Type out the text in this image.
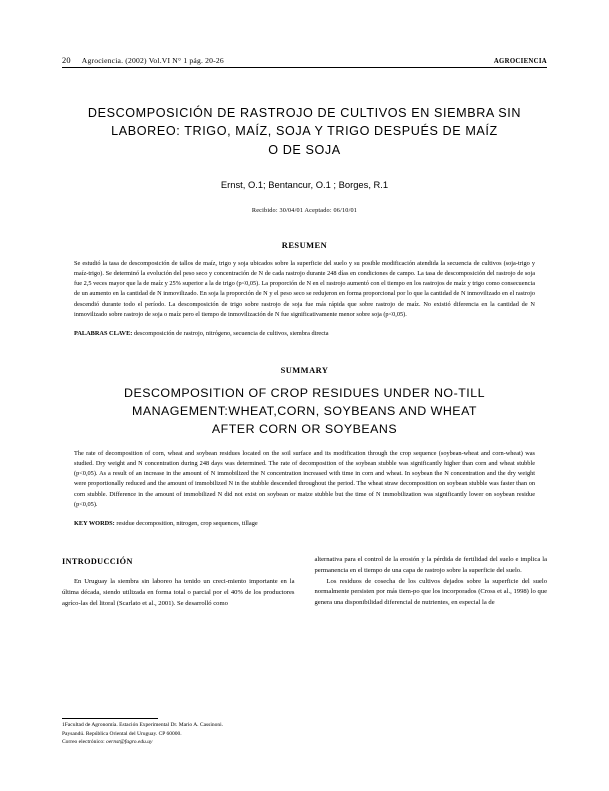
20 Agrociencia. (2002) Vol.VI N° 1 pág. 20-26	AGROCIENCIA
DESCOMPOSICIÓN DE RASTROJO DE CULTIVOS EN SIEMBRA SIN
LABOREO: TRIGO, MAÍZ, SOJA Y TRIGO DESPUÉS DE MAÍZ
O DE SOJA
Ernst, O.1; Bentancur, O.1 ; Borges, R.1
Recibido: 30/04/01 Aceptado: 06/10/01
RESUMEN

Se estudió la tasa de descomposición de tallos de maíz, trigo y soja ubicados sobre la superficie del suelo y su posible modificación atendida la secuencia de cultivos (soja-trigo y maíz-trigo). Se determinó la evolución del peso seco y concentración de N de cada rastrojo durante 248 días en condiciones de campo. La tasa de descomposición del rastrojo de soja fue 2,5 veces mayor que la de maíz y 25% superior a la de trigo (p<0,05). La proporción de N en el rastrojo aumentó con el tiempo en los rastrojos de maíz y trigo como consecuencia de un aumento en la cantidad de N inmovilizado. En soja la proporción de N y el peso seco se redujeron en forma proporcional por lo que la cantidad de N inmovilizado en el rastrojo descendió durante todo el período. La descomposición de trigo sobre rastrojo de soja fue más rápida que sobre rastrojo de maíz. No existió diferencia en la cantidad de N inmovilizado sobre rastrojo de soja o maíz pero el tiempo de inmovilización de N fue significativamente menor sobre soja (p<0,05).

PALABRAS CLAVE: descomposición de rastrojo, nitrógeno, secuencia de cultivos, siembra directa
SUMMARY
DESCOMPOSITION OF CROP RESIDUES UNDER NO-TILL
MANAGEMENT:WHEAT,CORN, SOYBEANS AND WHEAT
AFTER CORN OR SOYBEANS

The rate of decomposition of corn, wheat and soybean residues located on the soil surface and its modification through the crop sequence (soybean-wheat and corn-wheat) was studied. Dry weight and N concentration during 248 days was determined. The rate of decomposition of the soybean stubble was significantly higher than corn and wheat stubble (p<0,05). As a result of an increase in the amount of N immobilized the N concentration increased with time in corn and wheat. In soybean the N concentration and the dry weight were proportionally reduced and the amount of immobilized N in the stubble descended throughout the period. The wheat straw decomposition on soybean stubble was faster than on corn stubble. Difference in the amount of immobilized N did not exist on soybean or maize stubble but the time of N immobilization was significantly lower on soybean residue (p<0,05).

KEY WORDS: residue decomposition, nitrogen, crop sequences, tillage
INTRODUCCIÓN

En Uruguay la siembra sin laboreo ha tenido un creci-miento importante en la última década, siendo utilizada en forma total o parcial por el 40% de los productores agríco-las del litoral (Scarlato et al., 2001). Se desarrolló como

alternativa para el control de la erosión y la pérdida de fertilidad del suelo e implica la permanencia en el tiempo de una capa de rastrojo sobre la superficie del suelo.

Los residuos de cosecha de los cultivos dejados sobre la superficie del suelo normalmente persisten por más tiem-po que los incorporados (Cross et al., 1998) lo que genera una disponibilidad diferencial de nutrientes, en especial la de

1Facultad de Agronomía. Estación Experimental Dr. Mario A. Cassinoni.
Paysandú. República Oriental del Uruguay. CP 60000.
Correo electrónico: oernst@fagro.edu.uy
